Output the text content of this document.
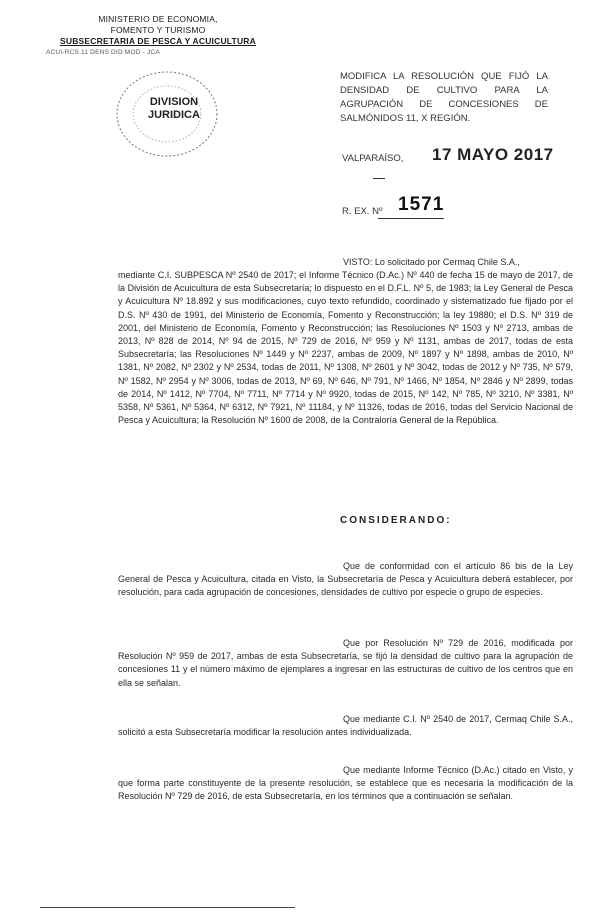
MINISTERIO DE ECONOMIA,
FOMENTO Y TURISMO
SUBSECRETARIA DE PESCA Y ACUICULTURA
ACUI-RCS 11 DENS DID MOD - JCA
DIVISION
JURIDICA
MODIFICA LA RESOLUCIÓN QUE FIJÓ LA DENSIDAD DE CULTIVO PARA LA AGRUPACIÓN DE CONCESIONES DE SALMÓNIDOS 11, X REGIÓN.
VALPARAÍSO, 17 MAYO 2017
R. EX. Nº 1571
VISTO: Lo solicitado por Cermaq Chile S.A.,
mediante C.I. SUBPESCA Nº 2540 de 2017; el Informe Técnico (D.Ac.) Nº 440 de fecha 15 de mayo de 2017, de la División de Acuicultura de esta Subsecretaría; lo dispuesto en el D.F.L. Nº 5, de 1983; la Ley General de Pesca y Acuicultura Nº 18.892 y sus modificaciones, cuyo texto refundido, coordinado y sistematizado fue fijado por el D.S. Nº 430 de 1991, del Ministerio de Economía, Fomento y Reconstrucción; la ley 19880; el D.S. Nº 319 de 2001, del Ministerio de Economía, Fomento y Reconstrucción; las Resoluciones Nº 1503 y Nº 2713, ambas de 2013, Nº 828 de 2014, Nº 94 de 2015, Nº 729 de 2016, Nº 959 y Nº 1131, ambas de 2017, todas de esta Subsecretaría; las Resoluciones Nº 1449 y Nº 2237, ambas de 2009, Nº 1897 y Nº 1898, ambas de 2010, Nº 1381, Nº 2082, Nº 2302 y Nº 2534, todas de 2011, Nº 1308, Nº 2601 y Nº 3042, todas de 2012 y Nº 735, Nº 579, Nº 1582, Nº 2954 y Nº 3006, todas de 2013, Nº 69, Nº 646, Nº 791, Nº 1466, Nº 1854, Nº 2846 y Nº 2899, todas de 2014, Nº 1412, Nº 7704, Nº 7711, Nº 7714 y Nº 9920, todas de 2015, Nº 142, Nº 785, Nº 3210, Nº 3381, Nº 5358, Nº 5361, Nº 5364, Nº 6312, Nº 7921, Nº 11184, y Nº 11326, todas de 2016, todas del Servicio Nacional de Pesca y Acuicultura; la Resolución Nº 1600 de 2008, de la Contraloría General de la República.
CONSIDERANDO:
Que de conformidad con el artículo 86 bis de la Ley General de Pesca y Acuicultura, citada en Visto, la Subsecretaría de Pesca y Acuicultura deberá establecer, por resolución, para cada agrupación de concesiones, densidades de cultivo por especie o grupo de especies.
Que por Resolución Nº 729 de 2016, modificada por Resolución Nº 959 de 2017, ambas de esta Subsecretaría, se fijó la densidad de cultivo para la agrupación de concesiones 11 y el número máximo de ejemplares a ingresar en las estructuras de cultivo de los centros que en ella se señalan.
Que mediante C.I. Nº 2540 de 2017, Cermaq Chile S.A., solicitó a esta Subsecretaría modificar la resolución antes individualizada.
Que mediante Informe Técnico (D.Ac.) citado en Visto, y que forma parte constituyente de la presente resolución, se establece que es necesaria la modificación de la Resolución Nº 729 de 2016, de esta Subsecretaría, en los términos que a continuación se señalan.
